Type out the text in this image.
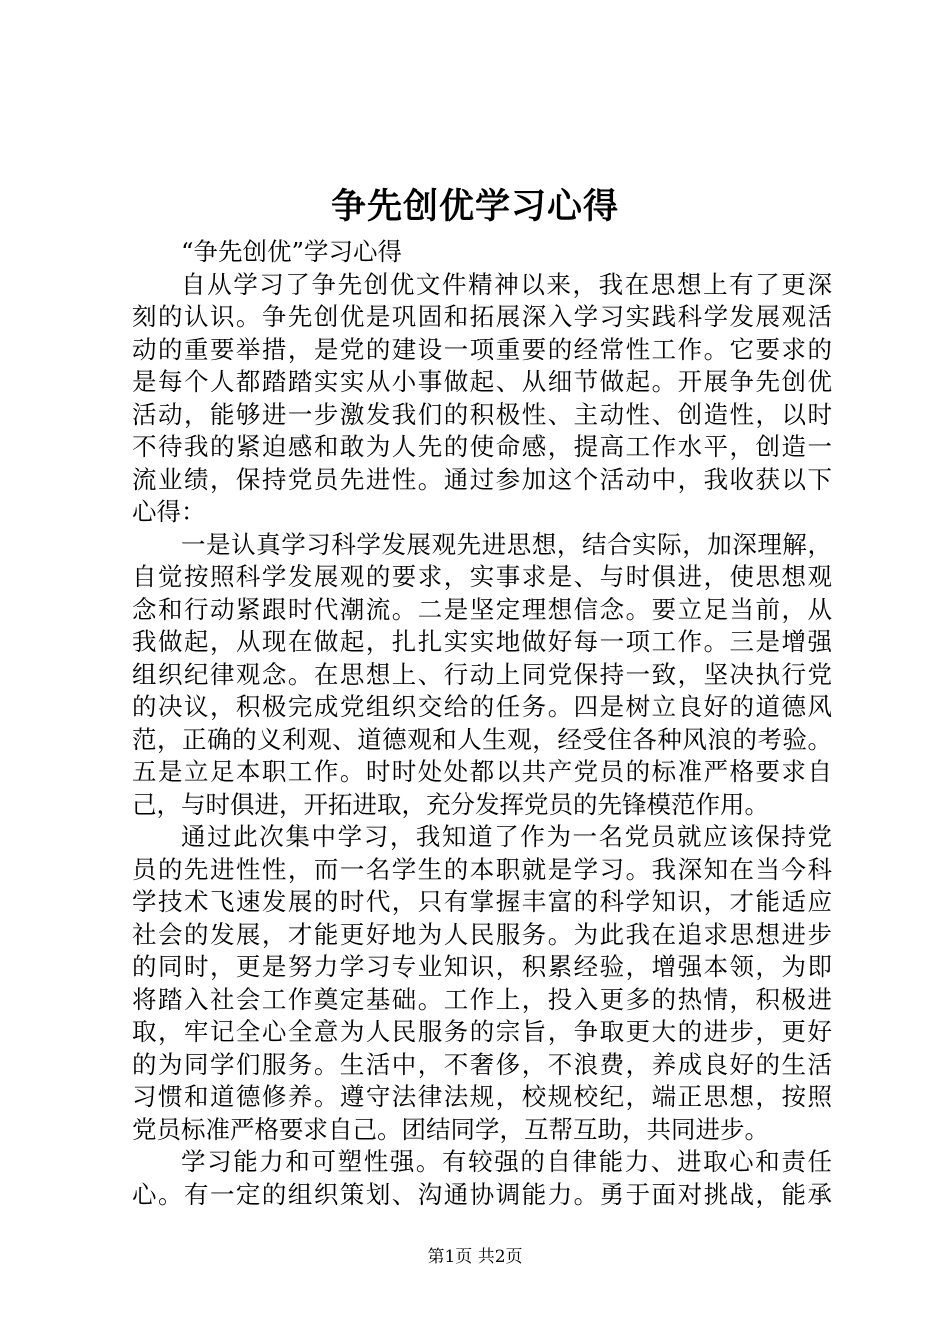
争先创优学习心得
“争先创优”学习心得
自从学习了争先创优文件精神以来，我在思想上有了更深
刻的认识。争先创优是巩固和拓展深入学习实践科学发展观活
动的重要举措，是党的建设一项重要的经常性工作。它要求的
是每个人都踏踏实实从小事做起、从细节做起。开展争先创优
活动，能够进一步激发我们的积极性、主动性、创造性，以时
不待我的紧迫感和敢为人先的使命感，提高工作水平，创造一
流业绩，保持党员先进性。通过参加这个活动中，我收获以下
心得：
一是认真学习科学发展观先进思想，结合实际，加深理解，
自觉按照科学发展观的要求，实事求是、与时俱进，使思想观
念和行动紧跟时代潮流。二是坚定理想信念。要立足当前，从
我做起，从现在做起，扎扎实实地做好每一项工作。三是增强
组织纪律观念。在思想上、行动上同党保持一致，坚决执行党
的决议，积极完成党组织交给的任务。四是树立良好的道德风
范，正确的义利观、道德观和人生观，经受住各种风浪的考验。
五是立足本职工作。时时处处都以共产党员的标准严格要求自
己，与时俱进，开拓进取，充分发挥党员的先锋模范作用。
通过此次集中学习，我知道了作为一名党员就应该保持党
员的先进性性，而一名学生的本职就是学习。我深知在当今科
学技术飞速发展的时代，只有掌握丰富的科学知识，才能适应
社会的发展，才能更好地为人民服务。为此我在追求思想进步
的同时，更是努力学习专业知识，积累经验，增强本领，为即
将踏入社会工作奠定基础。工作上，投入更多的热情，积极进
取，牢记全心全意为人民服务的宗旨，争取更大的进步，更好
的为同学们服务。生活中，不奢侈，不浪费，养成良好的生活
习惯和道德修养。遵守法律法规，校规校纪，端正思想，按照
党员标准严格要求自己。团结同学，互帮互助，共同进步。
学习能力和可塑性强。有较强的自律能力、进取心和责任
心。有一定的组织策划、沟通协调能力。勇于面对挑战，能承
第1页 共2页
